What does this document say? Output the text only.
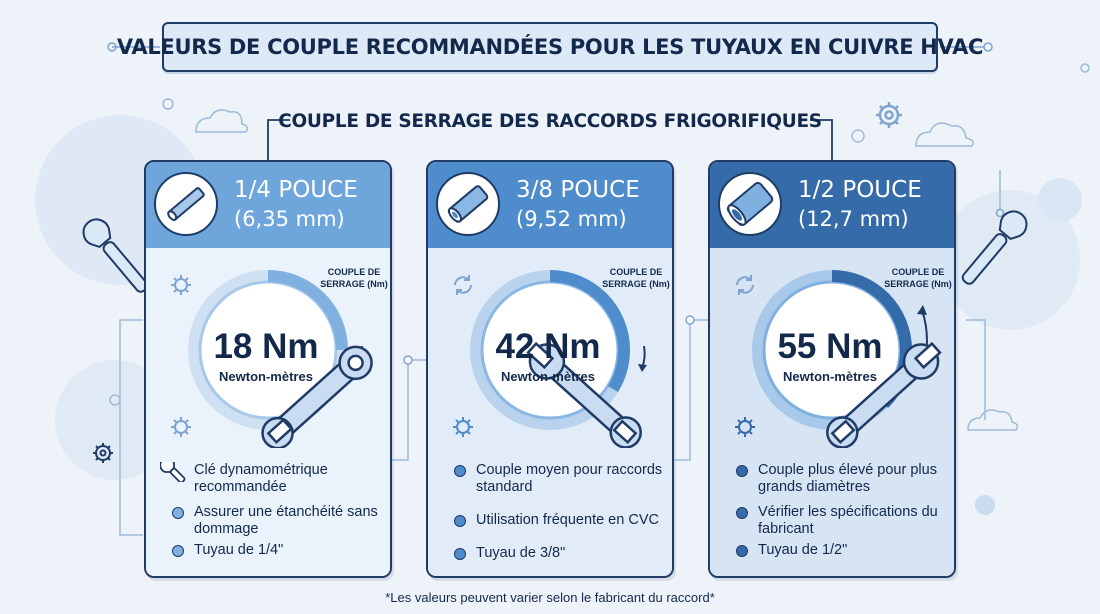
VALEURS DE COUPLE RECOMMANDÉES POUR LES TUYAUX EN CUIVRE HVAC
COUPLE DE SERRAGE DES RACCORDS FRIGORIFIQUES
1/4 POUCE
(6,35 mm)
COUPLE DE SERRAGE (Nm)
18 Nm
Newton-mètres
Clé dynamométrique recommandée
Assurer une étanchéité sans dommage
Tuyau de 1/4"
3/8 POUCE
(9,52 mm)
COUPLE DE SERRAGE (Nm)
42 Nm
Newton-mètres
Couple moyen pour raccords standard
Utilisation fréquente en CVC
Tuyau de 3/8"
1/2 POUCE
(12,7 mm)
COUPLE DE SERRAGE (Nm)
55 Nm
Newton-mètres
Couple plus élevé pour plus grands diamètres
Vérifier les spécifications du fabricant
Tuyau de 1/2"
*Les valeurs peuvent varier selon le fabricant du raccord*
